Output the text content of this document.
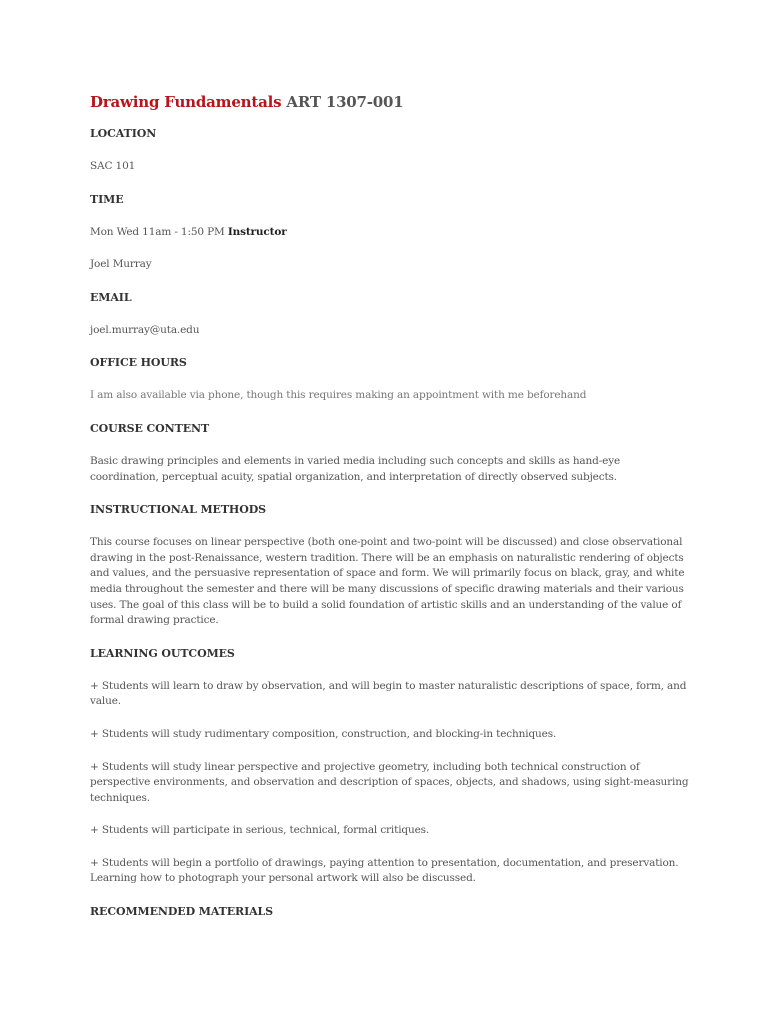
Drawing Fundamentals ART 1307-001
LOCATION
SAC 101
TIME
Mon Wed 11am - 1:50 PM Instructor
Joel Murray
EMAIL
joel.murray@uta.edu
OFFICE HOURS
I am also available via phone, though this requires making an appointment with me beforehand
COURSE CONTENT
Basic drawing principles and elements in varied media including such concepts and skills as hand-eye coordination, perceptual acuity, spatial organization, and interpretation of directly observed subjects.
INSTRUCTIONAL METHODS
This course focuses on linear perspective (both one-point and two-point will be discussed) and close observational drawing in the post-Renaissance, western tradition. There will be an emphasis on naturalistic rendering of objects and values, and the persuasive representation of space and form. We will primarily focus on black, gray, and white media throughout the semester and there will be many discussions of specific drawing materials and their various uses. The goal of this class will be to build a solid foundation of artistic skills and an understanding of the value of formal drawing practice.
LEARNING OUTCOMES
+ Students will learn to draw by observation, and will begin to master naturalistic descriptions of space, form, and value.
+ Students will study rudimentary composition, construction, and blocking-in techniques.
+ Students will study linear perspective and projective geometry, including both technical construction of perspective environments, and observation and description of spaces, objects, and shadows, using sight-measuring techniques.
+ Students will participate in serious, technical, formal critiques.
+ Students will begin a portfolio of drawings, paying attention to presentation, documentation, and preservation. Learning how to photograph your personal artwork will also be discussed.
RECOMMENDED MATERIALS
